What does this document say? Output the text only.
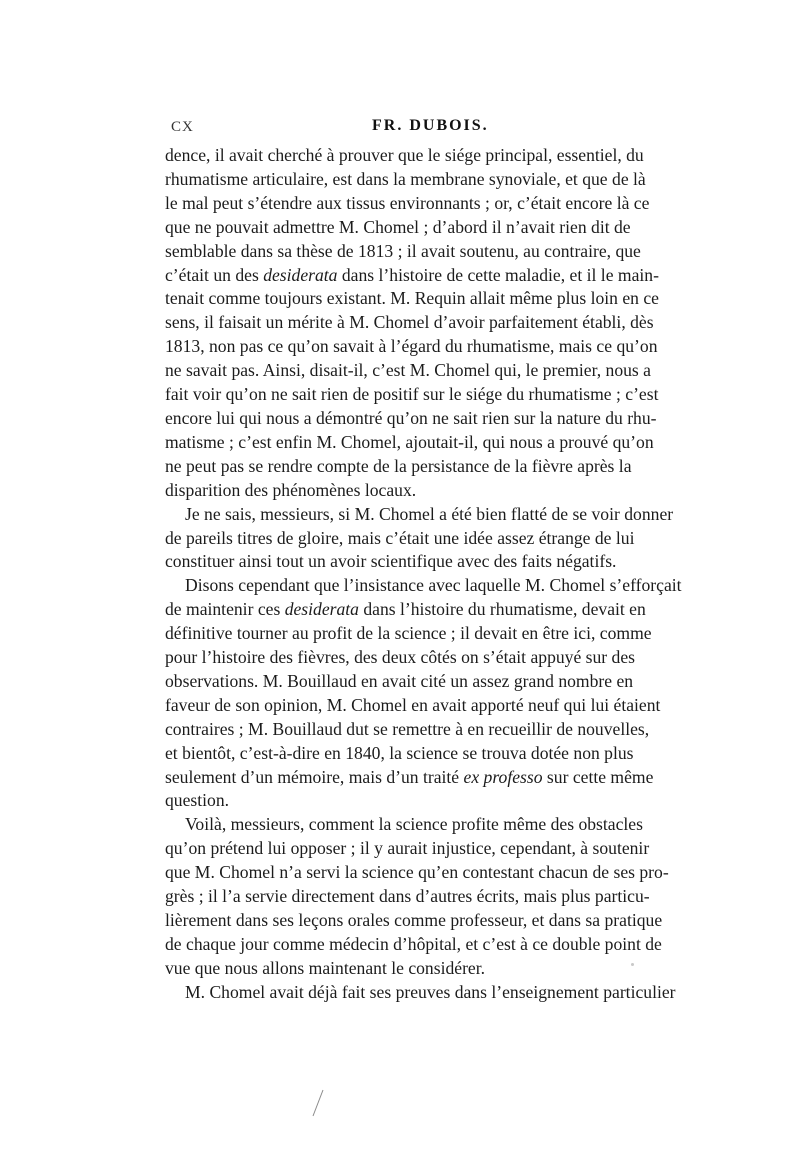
CX	FR. DUBOIS.
dence, il avait cherché à prouver que le siége principal, essentiel, du
rhumatisme articulaire, est dans la membrane synoviale, et que de là
le mal peut s’étendre aux tissus environnants ; or, c’était encore là ce
que ne pouvait admettre M. Chomel ; d’abord il n’avait rien dit de
semblable dans sa thèse de 1813 ; il avait soutenu, au contraire, que
c’était un des desiderata dans l’histoire de cette maladie, et il le main-
tenait comme toujours existant. M. Requin allait même plus loin en ce
sens, il faisait un mérite à M. Chomel d’avoir parfaitement établi, dès
1813, non pas ce qu’on savait à l’égard du rhumatisme, mais ce qu’on
ne savait pas. Ainsi, disait-il, c’est M. Chomel qui, le premier, nous a
fait voir qu’on ne sait rien de positif sur le siége du rhumatisme ; c’est
encore lui qui nous a démontré qu’on ne sait rien sur la nature du rhu-
matisme ; c’est enfin M. Chomel, ajoutait-il, qui nous a prouvé qu’on
ne peut pas se rendre compte de la persistance de la fièvre après la
disparition des phénomènes locaux.
Je ne sais, messieurs, si M. Chomel a été bien flatté de se voir donner
de pareils titres de gloire, mais c’était une idée assez étrange de lui
constituer ainsi tout un avoir scientifique avec des faits négatifs.
Disons cependant que l’insistance avec laquelle M. Chomel s’efforçait
de maintenir ces desiderata dans l’histoire du rhumatisme, devait en
définitive tourner au profit de la science ; il devait en être ici, comme
pour l’histoire des fièvres, des deux côtés on s’était appuyé sur des
observations. M. Bouillaud en avait cité un assez grand nombre en
faveur de son opinion, M. Chomel en avait apporté neuf qui lui étaient
contraires ; M. Bouillaud dut se remettre à en recueillir de nouvelles,
et bientôt, c’est-à-dire en 1840, la science se trouva dotée non plus
seulement d’un mémoire, mais d’un traité ex professo sur cette même
question.
Voilà, messieurs, comment la science profite même des obstacles
qu’on prétend lui opposer ; il y aurait injustice, cependant, à soutenir
que M. Chomel n’a servi la science qu’en contestant chacun de ses pro-
grès ; il l’a servie directement dans d’autres écrits, mais plus particu-
lièrement dans ses leçons orales comme professeur, et dans sa pratique
de chaque jour comme médecin d’hôpital, et c’est à ce double point de
vue que nous allons maintenant le considérer.
M. Chomel avait déjà fait ses preuves dans l’enseignement particulier
